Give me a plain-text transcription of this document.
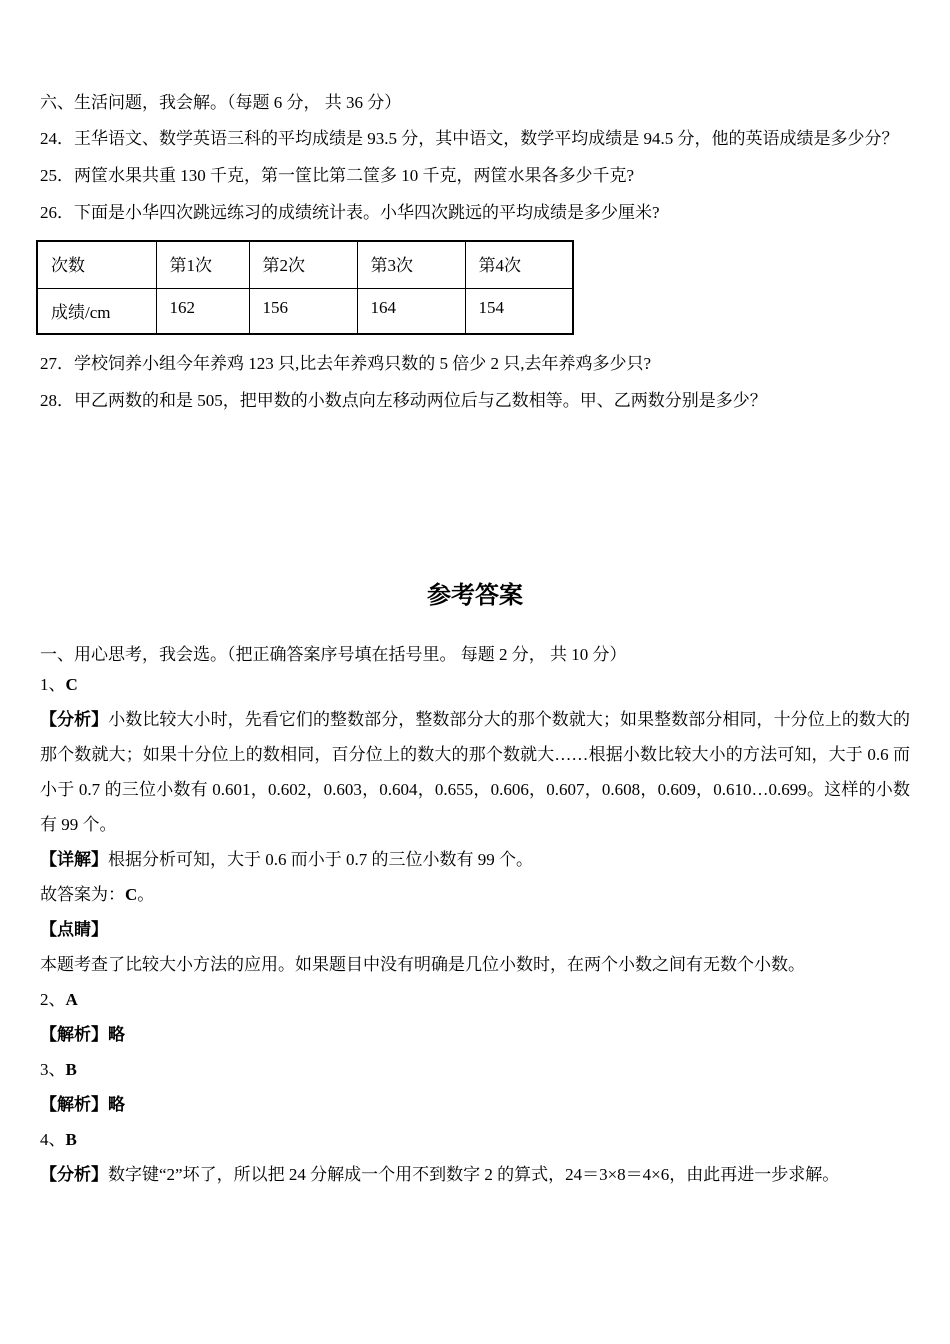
六、生活问题，我会解。（每题 6 分， 共 36 分）

24．王华语文、数学英语三科的平均成绩是 93.5 分，其中语文，数学平均成绩是 94.5 分，他的英语成绩是多少分？

25．两筐水果共重 130 千克，第一筐比第二筐多 10 千克，两筐水果各多少千克?

26．下面是小华四次跳远练习的成绩统计表。小华四次跳远的平均成绩是多少厘米?

次数	第1次	第2次	第3次	第4次
成绩/cm	162	156	164	154

27．学校饲养小组今年养鸡 123 只,比去年养鸡只数的 5 倍少 2 只,去年养鸡多少只?

28．甲乙两数的和是 505，把甲数的小数点向左移动两位后与乙数相等。甲、乙两数分别是多少？

参考答案

一、用心思考，我会选。（把正确答案序号填在括号里。 每题 2 分， 共 10 分）

1、C

【分析】小数比较大小时，先看它们的整数部分，整数部分大的那个数就大；如果整数部分相同，十分位上的数大的那个数就大；如果十分位上的数相同，百分位上的数大的那个数就大……根据小数比较大小的方法可知，大于 0.6 而小于 0.7 的三位小数有 0.601，0.602，0.603，0.604，0.655，0.606，0.607，0.608，0.609，0.610…0.699。这样的小数有 99 个。

【详解】根据分析可知，大于 0.6 而小于 0.7 的三位小数有 99 个。

故答案为：C。

【点睛】

本题考查了比较大小方法的应用。如果题目中没有明确是几位小数时，在两个小数之间有无数个小数。

2、A

【解析】略

3、B

【解析】略

4、B

【分析】数字键“2”坏了，所以把 24 分解成一个用不到数字 2 的算式，24＝3×8＝4×6，由此再进一步求解。
